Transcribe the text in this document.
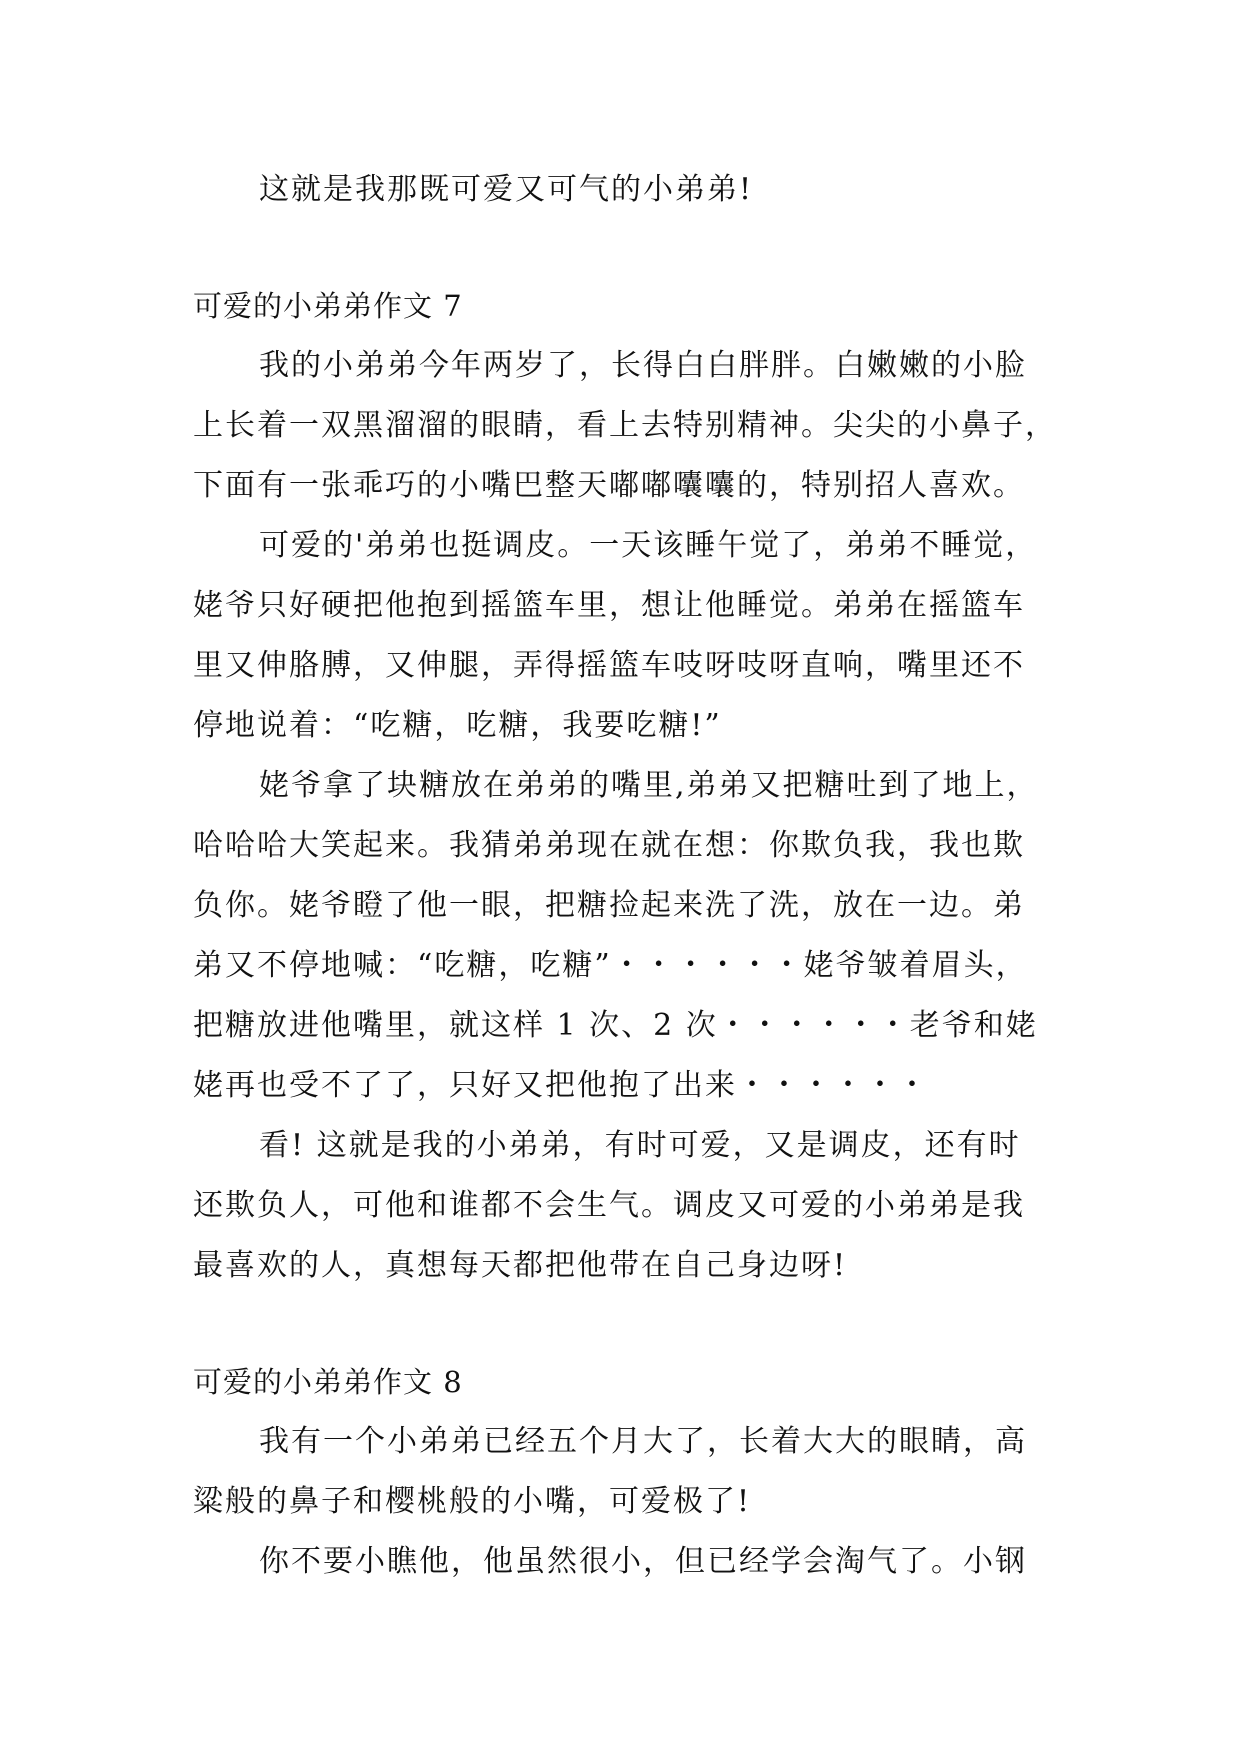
这就是我那既可爱又可气的小弟弟!
可爱的小弟弟作文 7
我的小弟弟今年两岁了，长得白白胖胖。白嫩嫩的小脸
上长着一双黑溜溜的眼睛，看上去特别精神。尖尖的小鼻子，
下面有一张乖巧的小嘴巴整天嘟嘟囔囔的，特别招人喜欢。
可爱的'弟弟也挺调皮。一天该睡午觉了，弟弟不睡觉，
姥爷只好硬把他抱到摇篮车里，想让他睡觉。弟弟在摇篮车
里又伸胳膊，又伸腿，弄得摇篮车吱呀吱呀直响，嘴里还不
停地说着：“吃糖，吃糖，我要吃糖!”
姥爷拿了块糖放在弟弟的嘴里,弟弟又把糖吐到了地上，
哈哈哈大笑起来。我猜弟弟现在就在想：你欺负我，我也欺
负你。姥爷瞪了他一眼，把糖捡起来洗了洗，放在一边。弟
弟又不停地喊：“吃糖，吃糖”・・・・・・姥爷皱着眉头，
把糖放进他嘴里，就这样 1 次、2 次・・・・・・老爷和姥
姥再也受不了了，只好又把他抱了出来・・・・・・
看! 这就是我的小弟弟，有时可爱，又是调皮，还有时
还欺负人，可他和谁都不会生气。调皮又可爱的小弟弟是我
最喜欢的人，真想每天都把他带在自己身边呀!
可爱的小弟弟作文 8
我有一个小弟弟已经五个月大了，长着大大的眼睛，高
粱般的鼻子和樱桃般的小嘴，可爱极了!
你不要小瞧他，他虽然很小，但已经学会淘气了。小钢
